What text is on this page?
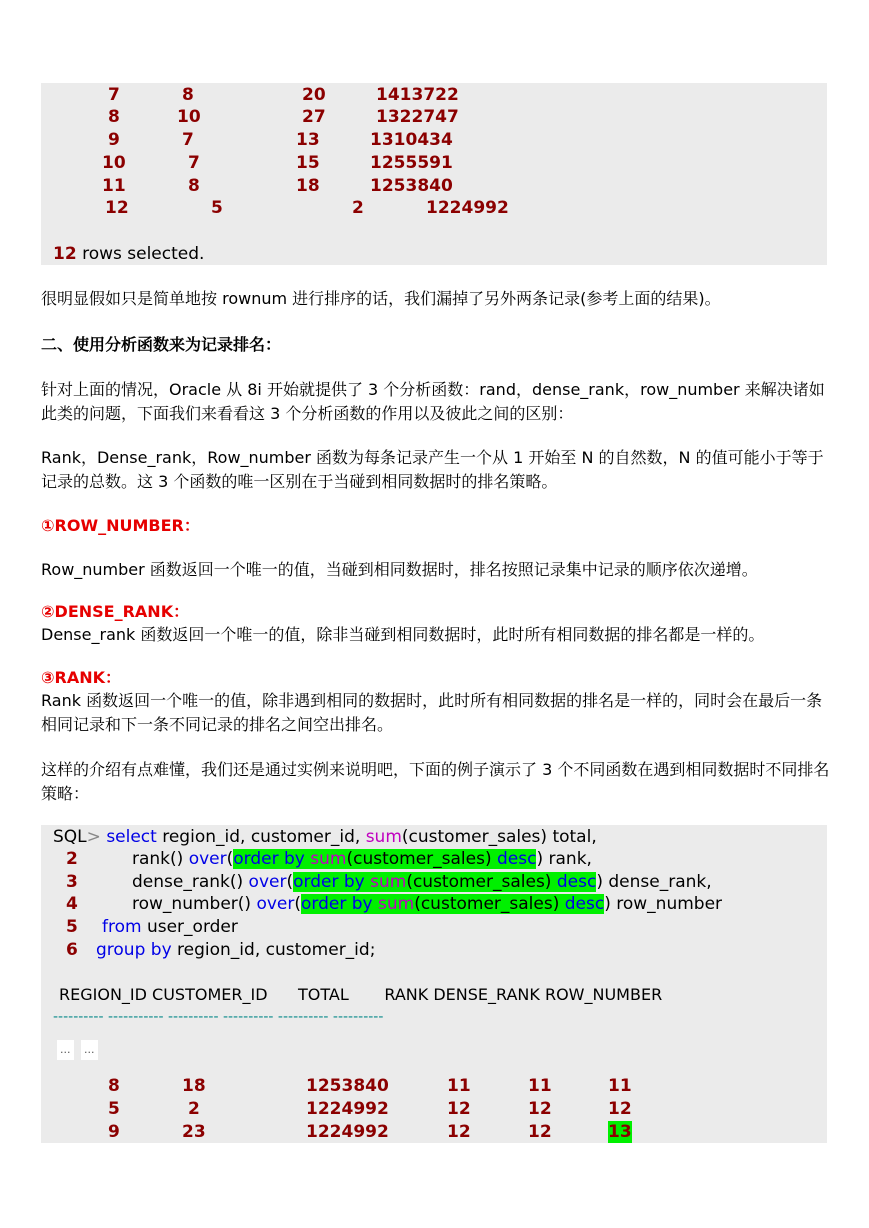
7	8	20	1413722
8	10	27	1322747
9	7	13	1310434
10	7	15	1255591
11	8	18	1253840
12	5	2	1224992
12 rows selected.
很明显假如只是简单地按 rownum 进行排序的话，我们漏掉了另外两条记录(参考上面的结果)。
二、使用分析函数来为记录排名：
针对上面的情况，Oracle 从 8i 开始就提供了 3 个分析函数：rand，dense_rank，row_number 来解决诸如此类的问题，下面我们来看看这 3 个分析函数的作用以及彼此之间的区别：
Rank，Dense_rank，Row_number 函数为每条记录产生一个从 1 开始至 N 的自然数，N 的值可能小于等于记录的总数。这 3 个函数的唯一区别在于当碰到相同数据时的排名策略。
①ROW_NUMBER：
Row_number 函数返回一个唯一的值，当碰到相同数据时，排名按照记录集中记录的顺序依次递增。
②DENSE_RANK：
Dense_rank 函数返回一个唯一的值，除非当碰到相同数据时，此时所有相同数据的排名都是一样的。
③RANK：
Rank 函数返回一个唯一的值，除非遇到相同的数据时，此时所有相同数据的排名是一样的，同时会在最后一条相同记录和下一条不同记录的排名之间空出排名。
这样的介绍有点难懂，我们还是通过实例来说明吧，下面的例子演示了 3 个不同函数在遇到相同数据时不同排名策略：
SQL> select region_id, customer_id, sum(customer_sales) total,
2	rank() over(order by sum(customer_sales) desc) rank,
3	dense_rank() over(order by sum(customer_sales) desc) dense_rank,
4	row_number() over(order by sum(customer_sales) desc) row_number
5 from user_order
6 group by region_id, customer_id;
REGION_ID CUSTOMER_ID      TOTAL       RANK DENSE_RANK ROW_NUMBER
---------- ----------- ---------- ---------- ---------- ----------
... ...
8	18	1253840	11	11	11
5	2	1224992	12	12	12
9	23	1224992	12	12	13
